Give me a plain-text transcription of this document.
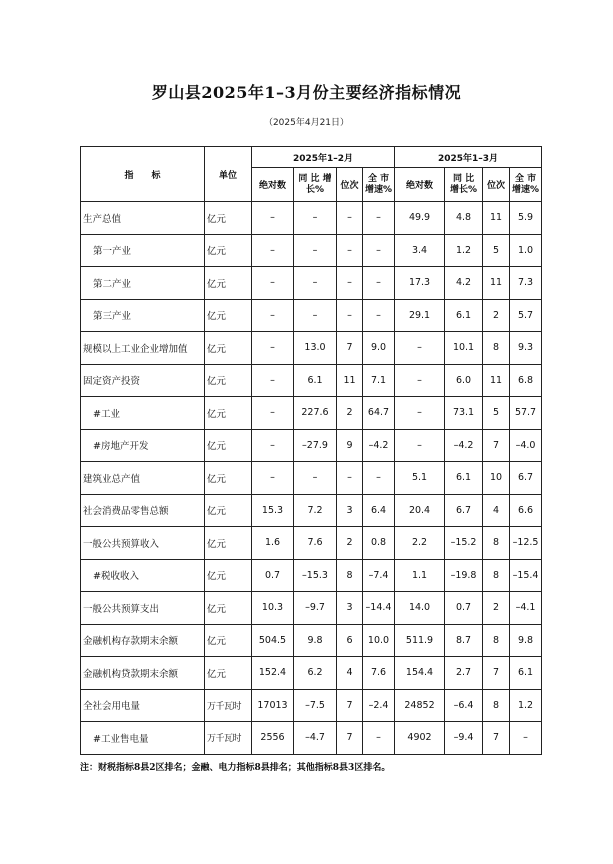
罗山县2025年1–3月份主要经济指标情况
（2025年4月21日）
指　　标	单位	2025年1–2月				2025年1–3月			
		绝对数	同 比 增长%	位次	全 市 增速%	绝对数	同 比 增长%	位次	全 市 增速%
生产总值	亿元	–	–	–	–	49.9	4.8	11	5.9
第一产业	亿元	–	–	–	–	3.4	1.2	5	1.0
第二产业	亿元	–	–	–	–	17.3	4.2	11	7.3
第三产业	亿元	–	–	–	–	29.1	6.1	2	5.7
规模以上工业企业增加值	亿元	–	13.0	7	9.0	–	10.1	8	9.3
固定资产投资	亿元	–	6.1	11	7.1	–	6.0	11	6.8
#工业	亿元	–	227.6	2	64.7	–	73.1	5	57.7
#房地产开发	亿元	–	–27.9	9	–4.2	–	–4.2	7	–4.0
建筑业总产值	亿元	–	–	–	–	5.1	6.1	10	6.7
社会消费品零售总额	亿元	15.3	7.2	3	6.4	20.4	6.7	4	6.6
一般公共预算收入	亿元	1.6	7.6	2	0.8	2.2	–15.2	8	–12.5
#税收收入	亿元	0.7	–15.3	8	–7.4	1.1	–19.8	8	–15.4
一般公共预算支出	亿元	10.3	–9.7	3	–14.4	14.0	0.7	2	–4.1
金融机构存款期末余额	亿元	504.5	9.8	6	10.0	511.9	8.7	8	9.8
金融机构贷款期末余额	亿元	152.4	6.2	4	7.6	154.4	2.7	7	6.1
全社会用电量	万千瓦时	17013	–7.5	7	–2.4	24852	–6.4	8	1.2
#工业售电量	万千瓦时	2556	–4.7	7	–	4902	–9.4	7	–
注：财税指标8县2区排名；金融、电力指标8县排名；其他指标8县3区排名。
